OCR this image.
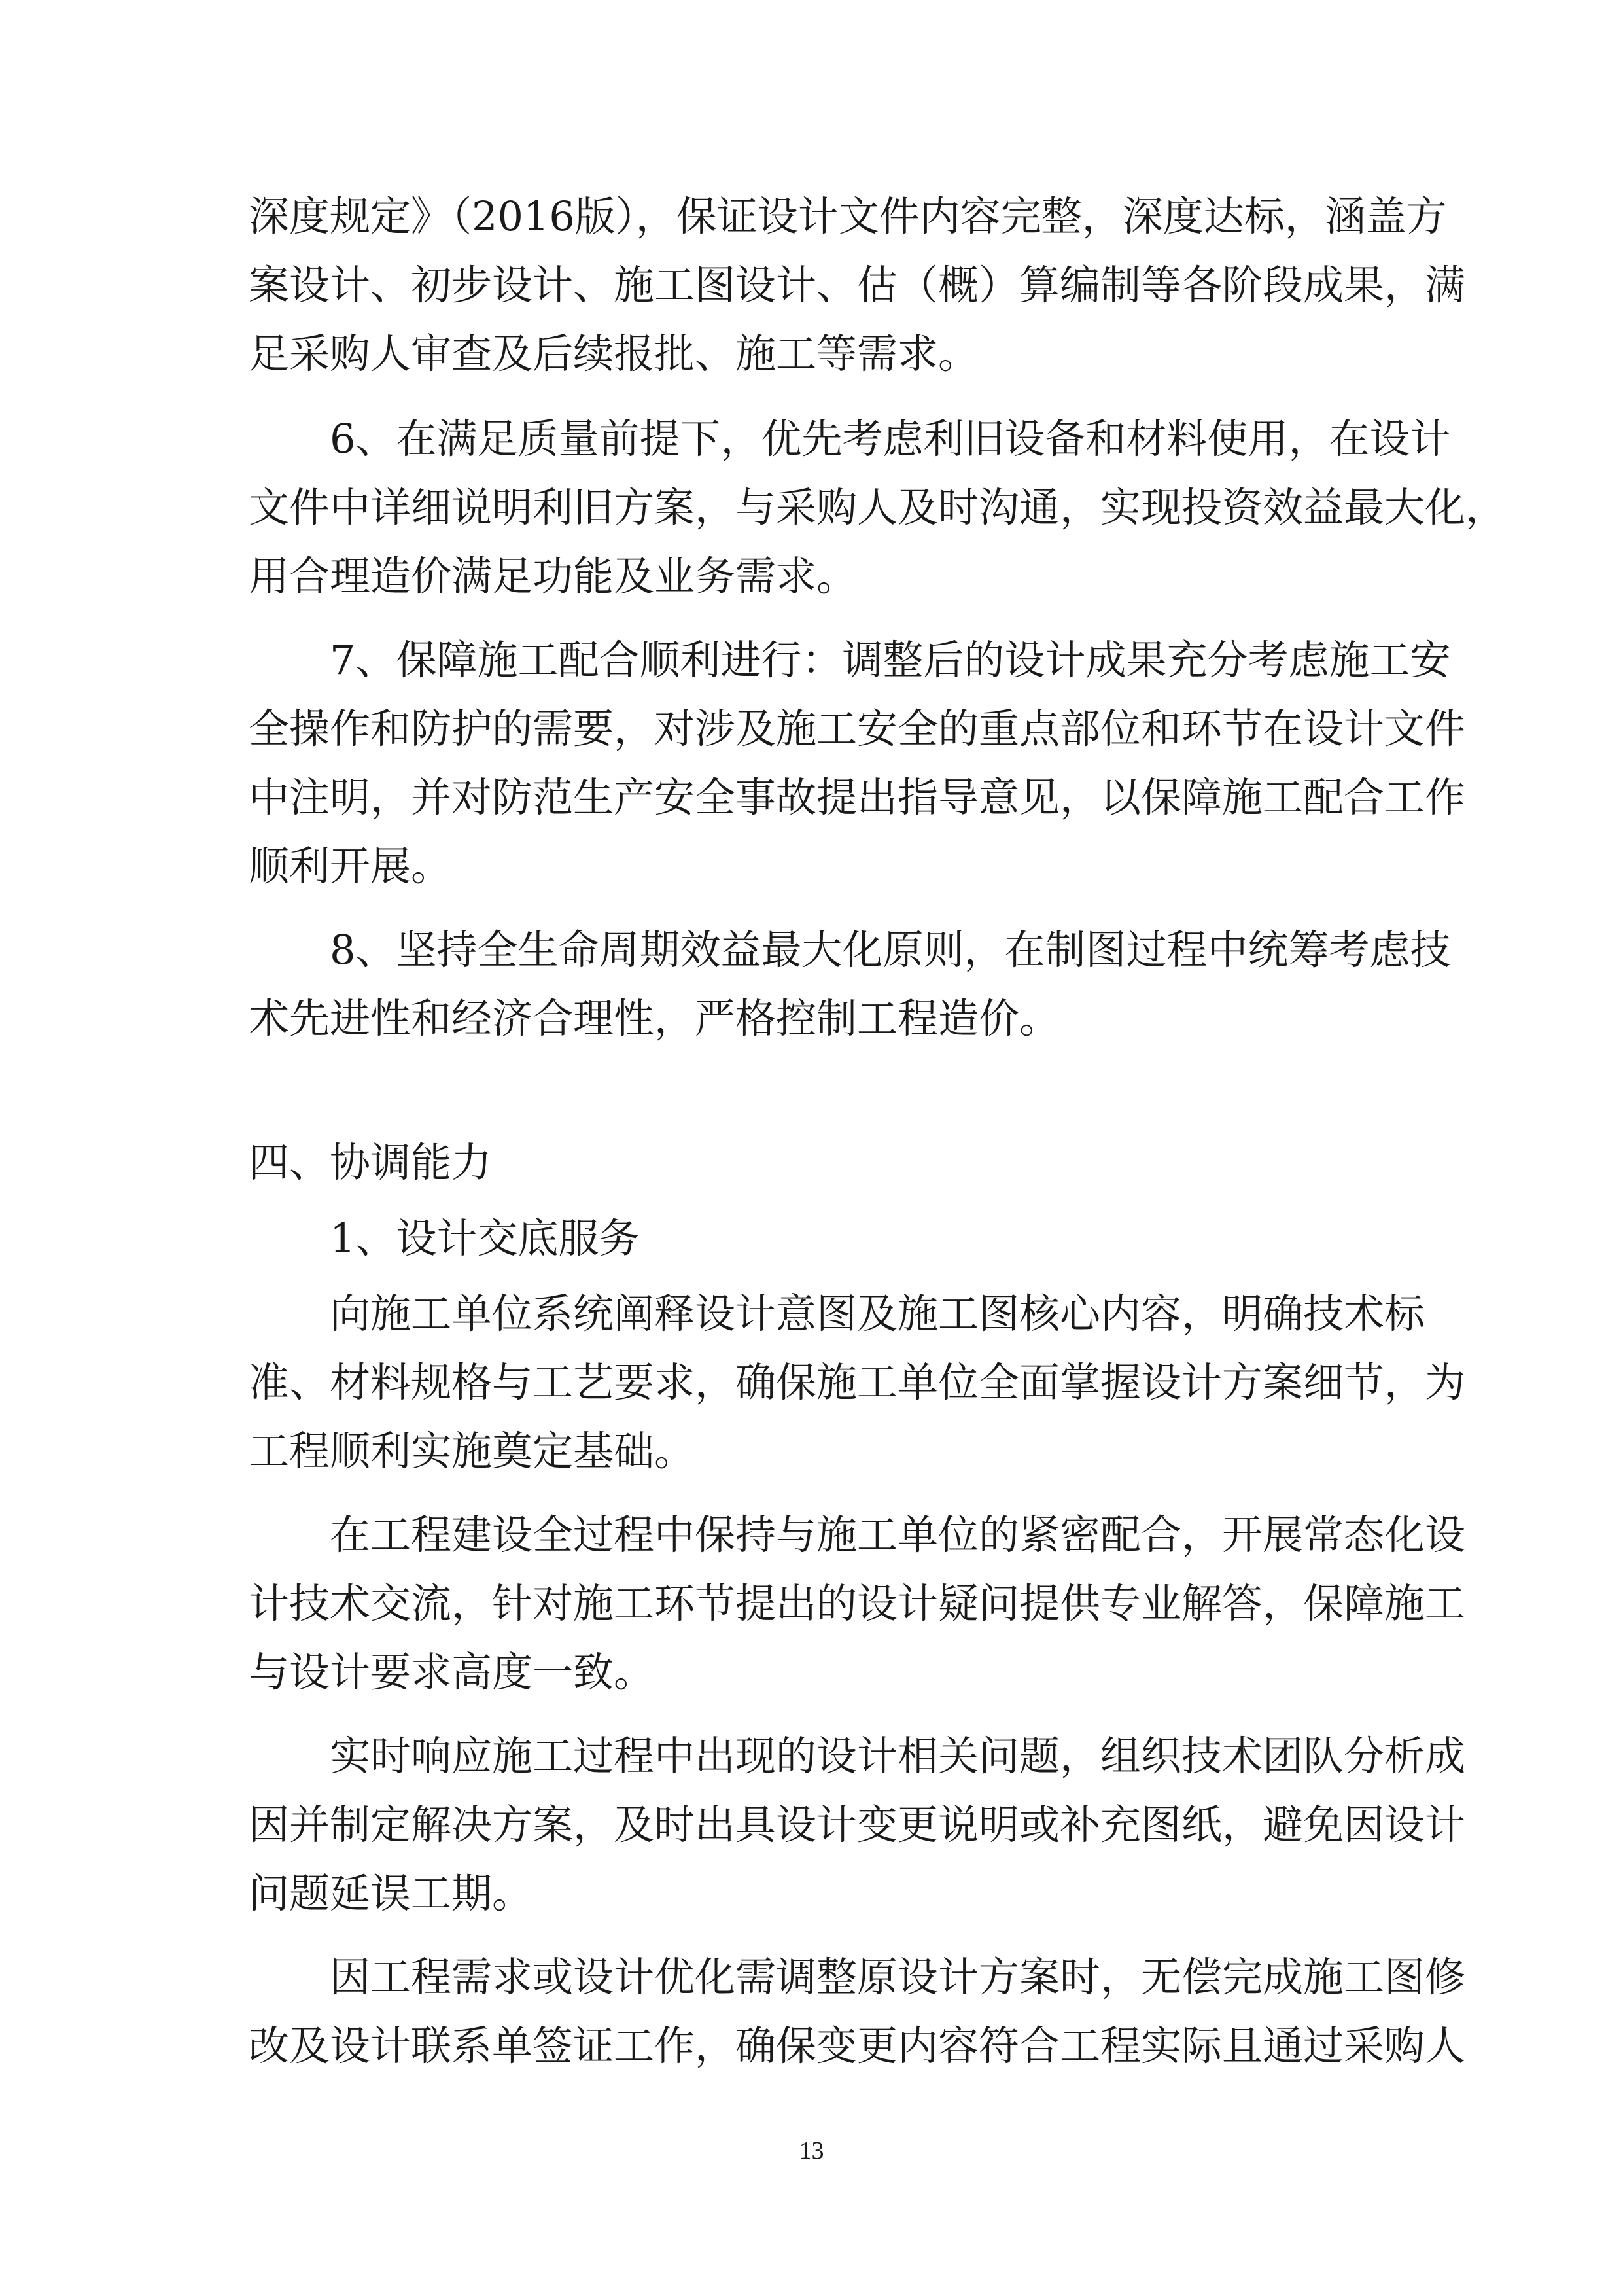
深度规定》（2016版），保证设计文件内容完整，深度达标，涵盖方
案设计、初步设计、施工图设计、估（概）算编制等各阶段成果，满
足采购人审查及后续报批、施工等需求。
　　6、在满足质量前提下，优先考虑利旧设备和材料使用，在设计
文件中详细说明利旧方案，与采购人及时沟通，实现投资效益最大化，
用合理造价满足功能及业务需求。
　　7、保障施工配合顺利进行：调整后的设计成果充分考虑施工安
全操作和防护的需要，对涉及施工安全的重点部位和环节在设计文件
中注明，并对防范生产安全事故提出指导意见，以保障施工配合工作
顺利开展。
　　8、坚持全生命周期效益最大化原则，在制图过程中统筹考虑技
术先进性和经济合理性，严格控制工程造价。
四、协调能力
　　1、设计交底服务
　　向施工单位系统阐释设计意图及施工图核心内容，明确技术标
准、材料规格与工艺要求，确保施工单位全面掌握设计方案细节，为
工程顺利实施奠定基础。
　　在工程建设全过程中保持与施工单位的紧密配合，开展常态化设
计技术交流，针对施工环节提出的设计疑问提供专业解答，保障施工
与设计要求高度一致。
　　实时响应施工过程中出现的设计相关问题，组织技术团队分析成
因并制定解决方案，及时出具设计变更说明或补充图纸，避免因设计
问题延误工期。
　　因工程需求或设计优化需调整原设计方案时，无偿完成施工图修
改及设计联系单签证工作，确保变更内容符合工程实际且通过采购人
13
